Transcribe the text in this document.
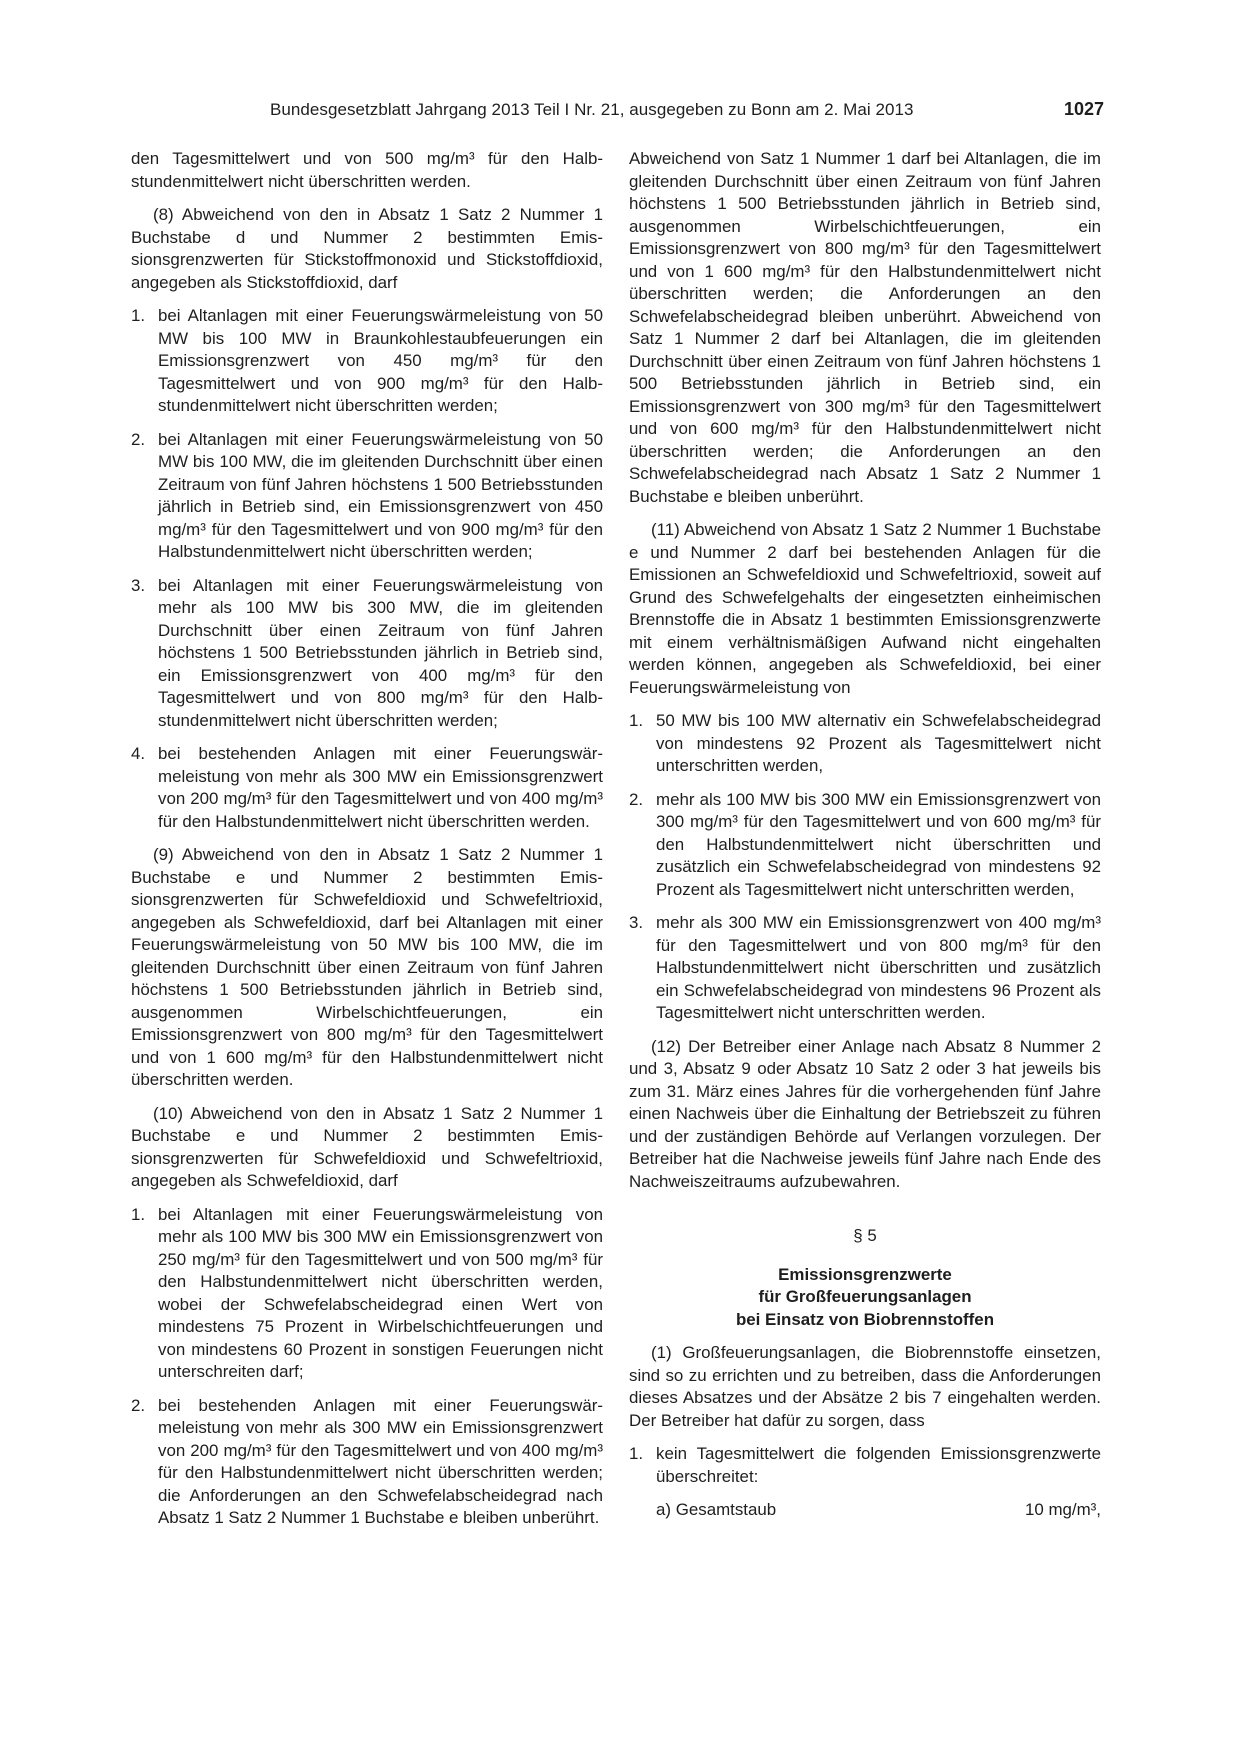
Bundesgesetzblatt Jahrgang 2013 Teil I Nr. 21, ausgegeben zu Bonn am 2. Mai 2013	1027

den Tagesmittelwert und von 500 mg/m³ für den Halbstundenmittelwert nicht überschritten werden.

(8) Abweichend von den in Absatz 1 Satz 2 Nummer 1 Buchstabe d und Nummer 2 bestimmten Emissionsgrenzwerten für Stickstoffmonoxid und Stickstoffdioxid, angegeben als Stickstoffdioxid, darf

1. bei Altanlagen mit einer Feuerungswärmeleistung von 50 MW bis 100 MW in Braunkohlestaubfeuerungen ein Emissionsgrenzwert von 450 mg/m³ für den Tagesmittelwert und von 900 mg/m³ für den Halbstundenmittelwert nicht überschritten werden;
2. bei Altanlagen mit einer Feuerungswärmeleistung von 50 MW bis 100 MW, die im gleitenden Durchschnitt über einen Zeitraum von fünf Jahren höchstens 1 500 Betriebsstunden jährlich in Betrieb sind, ein Emissionsgrenzwert von 450 mg/m³ für den Tagesmittelwert und von 900 mg/m³ für den Halbstundenmittelwert nicht überschritten werden;
3. bei Altanlagen mit einer Feuerungswärmeleistung von mehr als 100 MW bis 300 MW, die im gleitenden Durchschnitt über einen Zeitraum von fünf Jahren höchstens 1 500 Betriebsstunden jährlich in Betrieb sind, ein Emissionsgrenzwert von 400 mg/m³ für den Tagesmittelwert und von 800 mg/m³ für den Halbstundenmittelwert nicht überschritten werden;
4. bei bestehenden Anlagen mit einer Feuerungswärmeleistung von mehr als 300 MW ein Emissionsgrenzwert von 200 mg/m³ für den Tagesmittelwert und von 400 mg/m³ für den Halbstundenmittelwert nicht überschritten werden.

(9) Abweichend von den in Absatz 1 Satz 2 Nummer 1 Buchstabe e und Nummer 2 bestimmten Emissionsgrenzwerten für Schwefeldioxid und Schwefeltrioxid, angegeben als Schwefeldioxid, darf bei Altanlagen mit einer Feuerungswärmeleistung von 50 MW bis 100 MW, die im gleitenden Durchschnitt über einen Zeitraum von fünf Jahren höchstens 1 500 Betriebsstunden jährlich in Betrieb sind, ausgenommen Wirbelschichtfeuerungen, ein Emissionsgrenzwert von 800 mg/m³ für den Tagesmittelwert und von 1 600 mg/m³ für den Halbstundenmittelwert nicht überschritten werden.

(10) Abweichend von den in Absatz 1 Satz 2 Nummer 1 Buchstabe e und Nummer 2 bestimmten Emissionsgrenzwerten für Schwefeldioxid und Schwefeltrioxid, angegeben als Schwefeldioxid, darf

1. bei Altanlagen mit einer Feuerungswärmeleistung von mehr als 100 MW bis 300 MW ein Emissionsgrenzwert von 250 mg/m³ für den Tagesmittelwert und von 500 mg/m³ für den Halbstundenmittelwert nicht überschritten werden, wobei der Schwefelabscheidegrad einen Wert von mindestens 75 Prozent in Wirbelschichtfeuerungen und von mindestens 60 Prozent in sonstigen Feuerungen nicht unterschreiten darf;
2. bei bestehenden Anlagen mit einer Feuerungswärmeleistung von mehr als 300 MW ein Emissionsgrenzwert von 200 mg/m³ für den Tagesmittelwert und von 400 mg/m³ für den Halbstundenmittelwert nicht überschritten werden; die Anforderungen an den Schwefelabscheidegrad nach Absatz 1 Satz 2 Nummer 1 Buchstabe e bleiben unberührt.

Abweichend von Satz 1 Nummer 1 darf bei Altanlagen, die im gleitenden Durchschnitt über einen Zeitraum von fünf Jahren höchstens 1 500 Betriebsstunden jährlich in Betrieb sind, ausgenommen Wirbelschichtfeuerungen, ein Emissionsgrenzwert von 800 mg/m³ für den Tagesmittelwert und von 1 600 mg/m³ für den Halbstundenmittelwert nicht überschritten werden; die Anforderungen an den Schwefelabscheidegrad bleiben unberührt. Abweichend von Satz 1 Nummer 2 darf bei Altanlagen, die im gleitenden Durchschnitt über einen Zeitraum von fünf Jahren höchstens 1 500 Betriebsstunden jährlich in Betrieb sind, ein Emissionsgrenzwert von 300 mg/m³ für den Tagesmittelwert und von 600 mg/m³ für den Halbstundenmittelwert nicht überschritten werden; die Anforderungen an den Schwefelabscheidegrad nach Absatz 1 Satz 2 Nummer 1 Buchstabe e bleiben unberührt.

(11) Abweichend von Absatz 1 Satz 2 Nummer 1 Buchstabe e und Nummer 2 darf bei bestehenden Anlagen für die Emissionen an Schwefeldioxid und Schwefeltrioxid, soweit auf Grund des Schwefelgehalts der eingesetzten einheimischen Brennstoffe die in Absatz 1 bestimmten Emissionsgrenzwerte mit einem verhältnismäßigen Aufwand nicht eingehalten werden können, angegeben als Schwefeldioxid, bei einer Feuerungswärmeleistung von

1. 50 MW bis 100 MW alternativ ein Schwefelabscheidegrad von mindestens 92 Prozent als Tagesmittelwert nicht unterschritten werden,
2. mehr als 100 MW bis 300 MW ein Emissionsgrenzwert von 300 mg/m³ für den Tagesmittelwert und von 600 mg/m³ für den Halbstundenmittelwert nicht überschritten und zusätzlich ein Schwefelabscheidegrad von mindestens 92 Prozent als Tagesmittelwert nicht unterschritten werden,
3. mehr als 300 MW ein Emissionsgrenzwert von 400 mg/m³ für den Tagesmittelwert und von 800 mg/m³ für den Halbstundenmittelwert nicht überschritten und zusätzlich ein Schwefelabscheidegrad von mindestens 96 Prozent als Tagesmittelwert nicht unterschritten werden.

(12) Der Betreiber einer Anlage nach Absatz 8 Nummer 2 und 3, Absatz 9 oder Absatz 10 Satz 2 oder 3 hat jeweils bis zum 31. März eines Jahres für die vorhergehenden fünf Jahre einen Nachweis über die Einhaltung der Betriebszeit zu führen und der zuständigen Behörde auf Verlangen vorzulegen. Der Betreiber hat die Nachweise jeweils fünf Jahre nach Ende des Nachweiszeitraums aufzubewahren.

§ 5

Emissionsgrenzwerte
für Großfeuerungsanlagen
bei Einsatz von Biobrennstoffen

(1) Großfeuerungsanlagen, die Biobrennstoffe einsetzen, sind so zu errichten und zu betreiben, dass die Anforderungen dieses Absatzes und der Absätze 2 bis 7 eingehalten werden. Der Betreiber hat dafür zu sorgen, dass

1. kein Tagesmittelwert die folgenden Emissionsgrenzwerte überschreitet:
a) Gesamtstaub	10 mg/m³,
